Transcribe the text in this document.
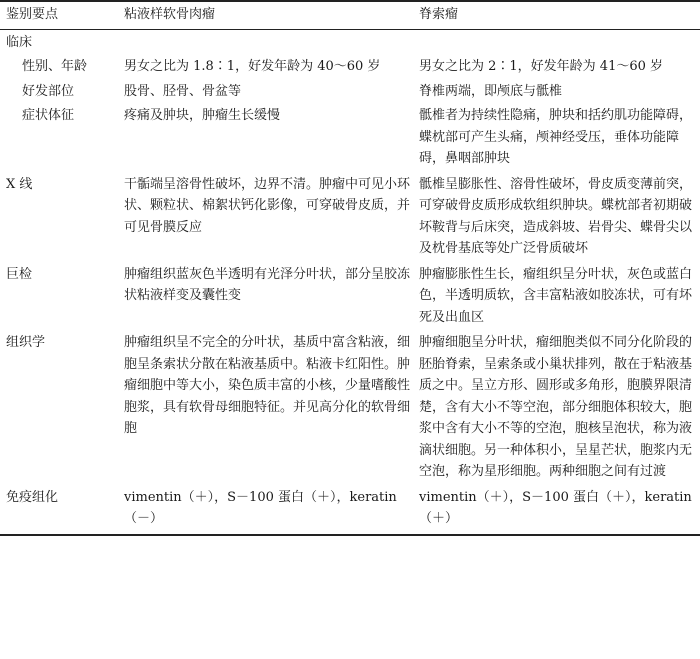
鉴别要点	粘液样软骨肉瘤	脊索瘤
临床		
性别、年龄	男女之比为 1.8∶1，好发年龄为 40～60 岁	男女之比为 2∶1，好发年龄为 41～60 岁
好发部位	股骨、胫骨、骨盆等	脊椎两端，即颅底与骶椎
症状体征	疼痛及肿块，肿瘤生长缓慢	骶椎者为持续性隐痛，肿块和括约肌功能障碍，蝶枕部可产生头痛，颅神经受压，垂体功能障碍，鼻咽部肿块
X 线	干骺端呈溶骨性破坏，边界不清。肿瘤中可见小环状、颗粒状、棉絮状钙化影像，可穿破骨皮质，并可见骨膜反应	骶椎呈膨胀性、溶骨性破坏，骨皮质变薄前突，可穿破骨皮质形成软组织肿块。蝶枕部者初期破坏鞍背与后床突，造成斜坡、岩骨尖、蝶骨尖以及枕骨基底等处广泛骨质破坏
巨检	肿瘤组织蓝灰色半透明有光泽分叶状，部分呈胶冻状粘液样变及囊性变	肿瘤膨胀性生长，瘤组织呈分叶状，灰色或蓝白色，半透明质软，含丰富粘液如胶冻状，可有坏死及出血区
组织学	肿瘤组织呈不完全的分叶状，基质中富含粘液，细胞呈条索状分散在粘液基质中。粘液卡红阳性。肿瘤细胞中等大小，染色质丰富的小核，少量嗜酸性胞浆，具有软骨母细胞特征。并见高分化的软骨细胞	肿瘤细胞呈分叶状，瘤细胞类似不同分化阶段的胚胎脊索，呈索条或小巢状排列，散在于粘液基质之中。呈立方形、圆形或多角形，胞膜界限清楚，含有大小不等空泡，部分细胞体积较大，胞浆中含有大小不等的空泡，胞核呈泡状，称为液滴状细胞。另一种体积小，呈星芒状，胞浆内无空泡，称为星形细胞。两种细胞之间有过渡
免疫组化	vimentin（＋），S－100 蛋白（＋），keratin（－）	vimentin（＋），S－100 蛋白（＋），keratin（＋）
